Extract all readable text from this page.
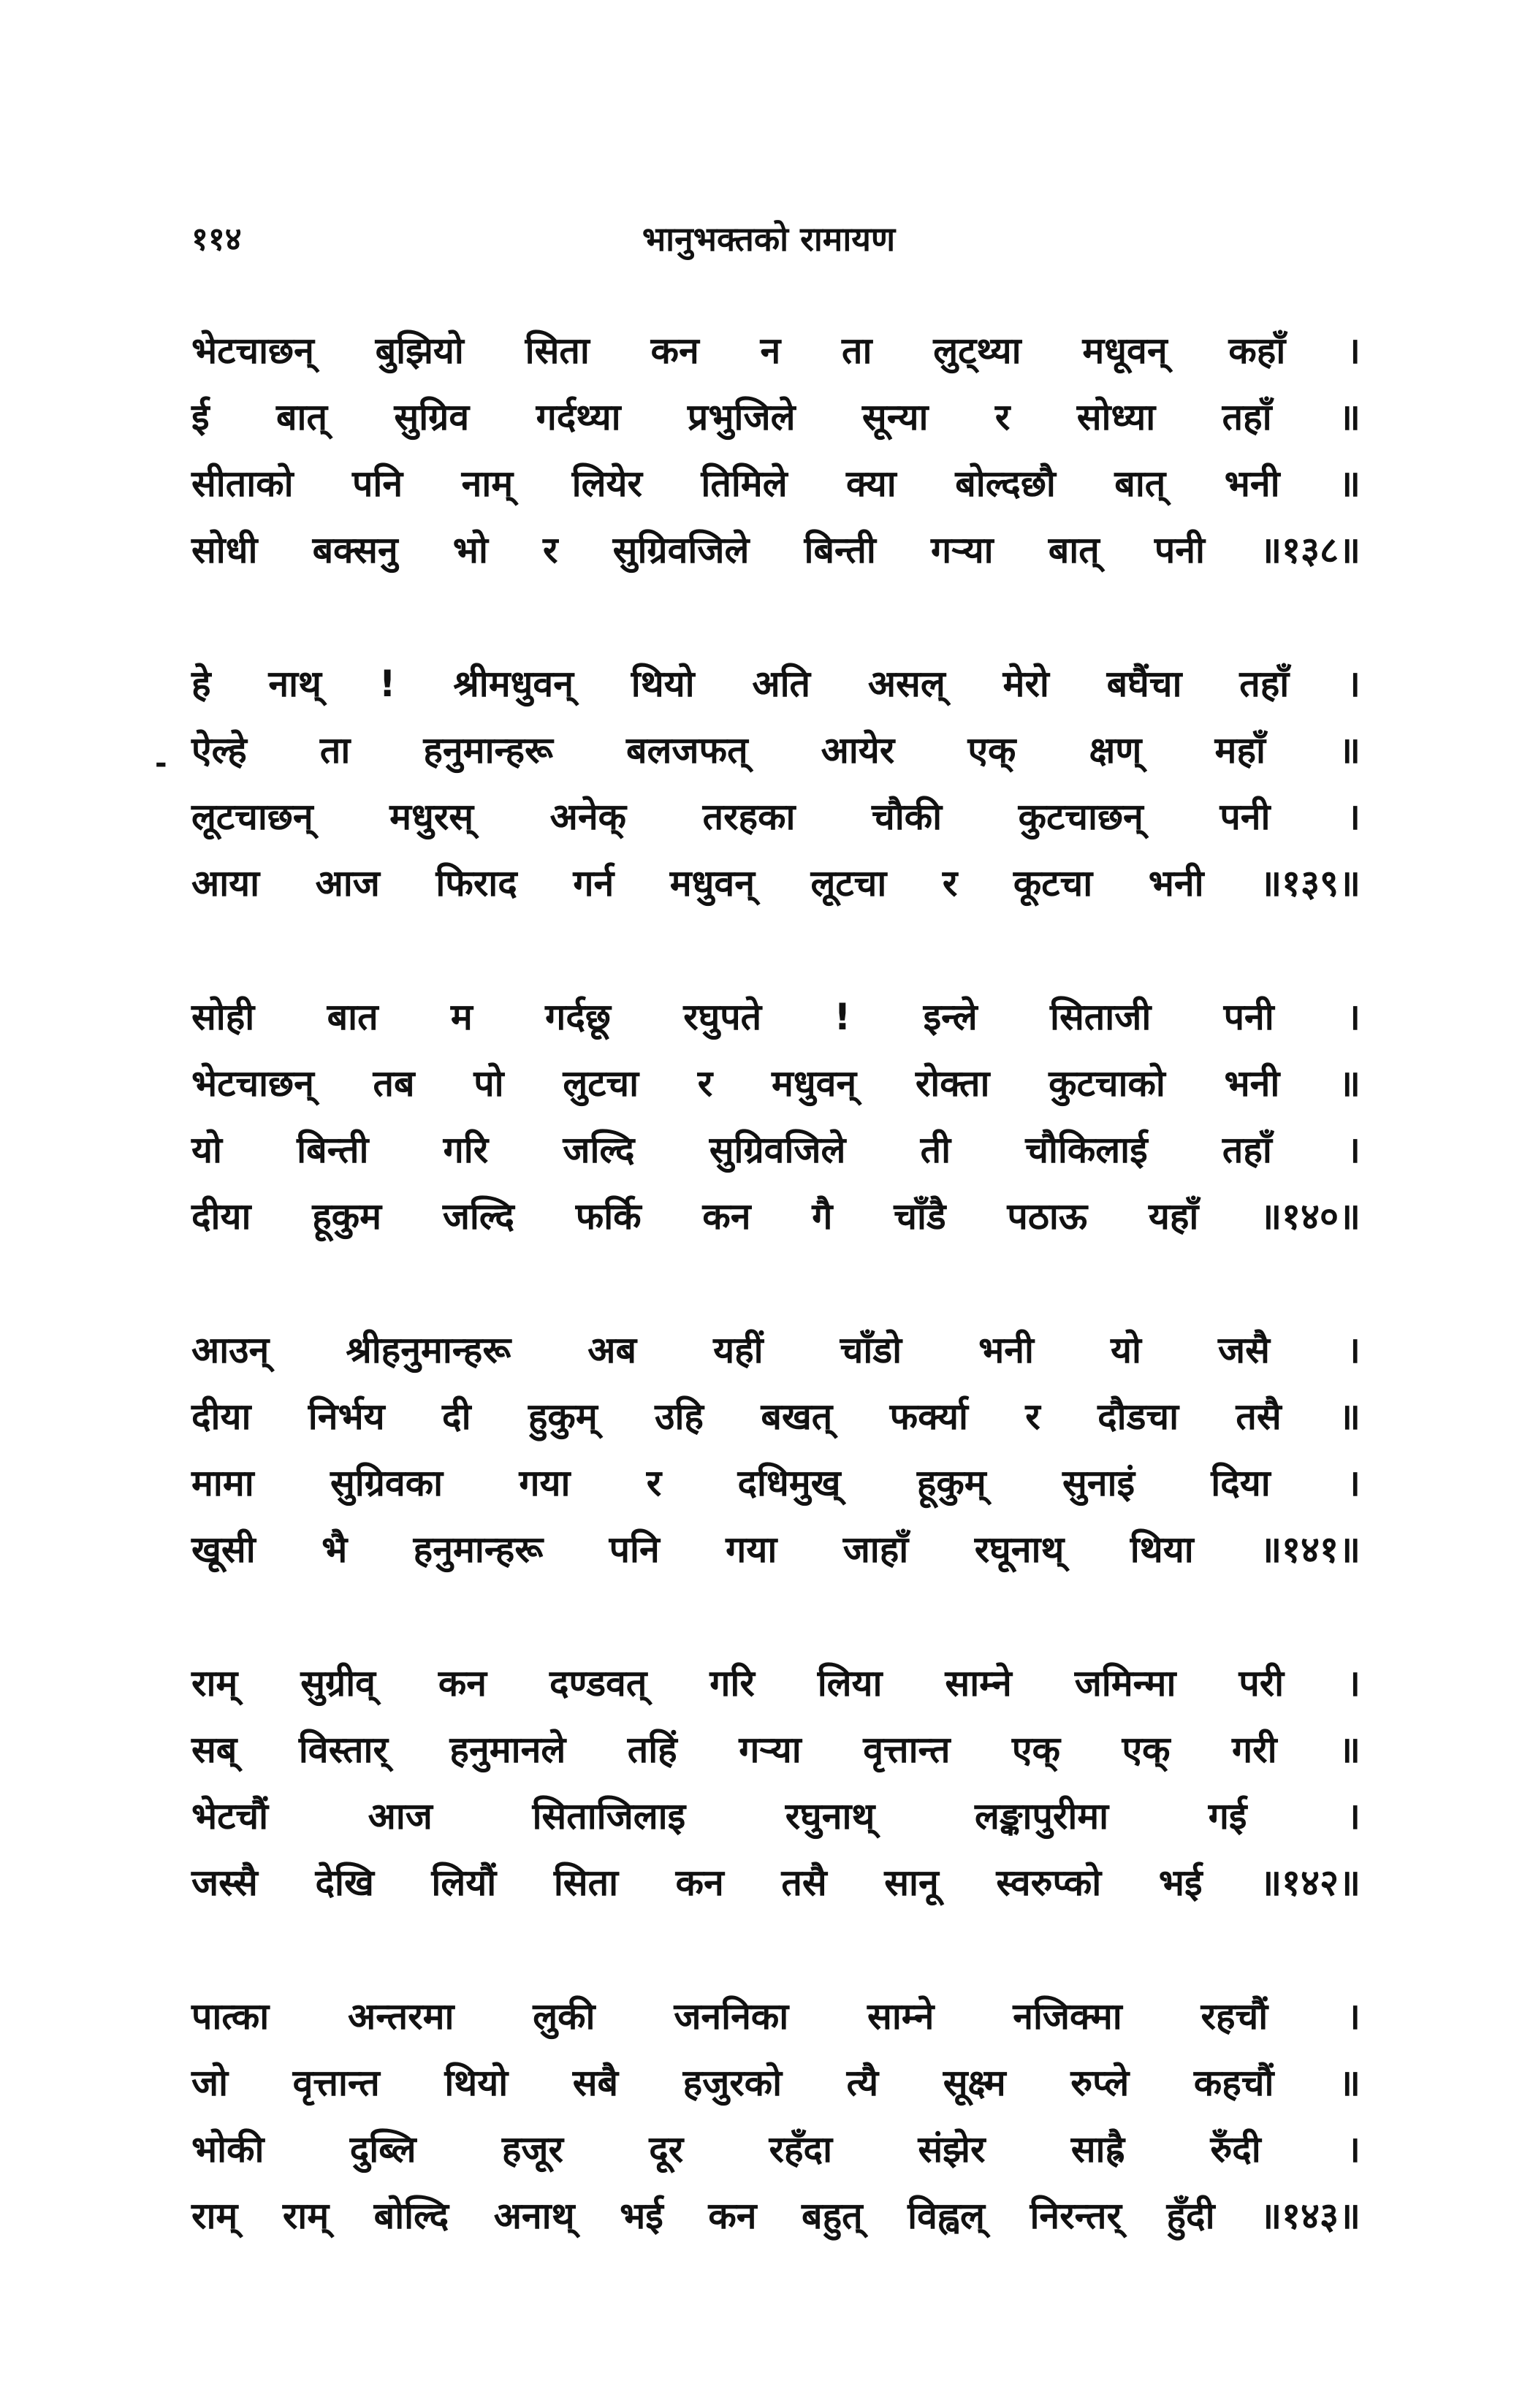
११४	भानुभक्तको रामायण
-
भेटचाछन् बुझियो सिता कन न ता लुट्थ्या मधूवन् कहाँ ।
ई बात् सुग्रिव गर्दथ्या प्रभुजिले सून्या र सोध्या तहाँ ॥
सीताको पनि नाम् लियेर तिमिले क्या बोल्दछौ बात् भनी ॥
सोधी बक्सनु भो र सुग्रिवजिले बिन्ती गऱ्या बात् पनी ॥१३८॥
हे नाथ् ! श्रीमधुवन् थियो अति असल् मेरो बघैंचा तहाँ ।
ऐल्हे ता हनुमान्हरू बलजफत् आयेर एक् क्षण् महाँ ॥
लूटचाछन् मधुरस् अनेक् तरहका चौकी कुटचाछन् पनी ।
आया आज फिराद गर्न मधुवन् लूटचा र कूटचा भनी ॥१३९॥
सोही बात म गर्दछू रघुपते ! इन्ले सिताजी पनी ।
भेटचाछन् तब पो लुटचा र मधुवन् रोक्ता कुटचाको भनी ॥
यो बिन्ती गरि जल्दि सुग्रिवजिले ती चौकिलाई तहाँ ।
दीया हूकुम जल्दि फर्कि कन गै चाँडै पठाऊ यहाँ ॥१४०॥
आउन् श्रीहनुमान्हरू अब यहीं चाँडो भनी यो जसै ।
दीया निर्भय दी हुकुम् उहि बखत् फर्क्या र दौडचा तसै ॥
मामा सुग्रिवका गया र दधिमुख् हूकुम् सुनाइं दिया ।
खूसी भै हनुमान्हरू पनि गया जाहाँ रघूनाथ् थिया ॥१४१॥
राम् सुग्रीव् कन दण्डवत् गरि लिया साम्ने जमिन्मा परी ।
सब् विस्तार् हनुमानले तहिं गऱ्या वृत्तान्त एक् एक् गरी ॥
भेटचौं आज सिताजिलाइ रघुनाथ् लङ्कापुरीमा गई ।
जस्सै देखि लियौं सिता कन तसै सानू स्वरुप्को भई ॥१४२॥
पात्का अन्तरमा लुकी जननिका साम्ने नजिक्मा रहचौं ।
जो वृत्तान्त थियो सबै हजुरको त्यै सूक्ष्म रुप्ले कहचौं ॥
भोकी दुब्लि हजूर दूर रहँदा संझेर साह्रै रुँदी ।
राम् राम् बोल्दि अनाथ् भई कन बहुत् विह्वल् निरन्तर् हुँदी ॥१४३॥
